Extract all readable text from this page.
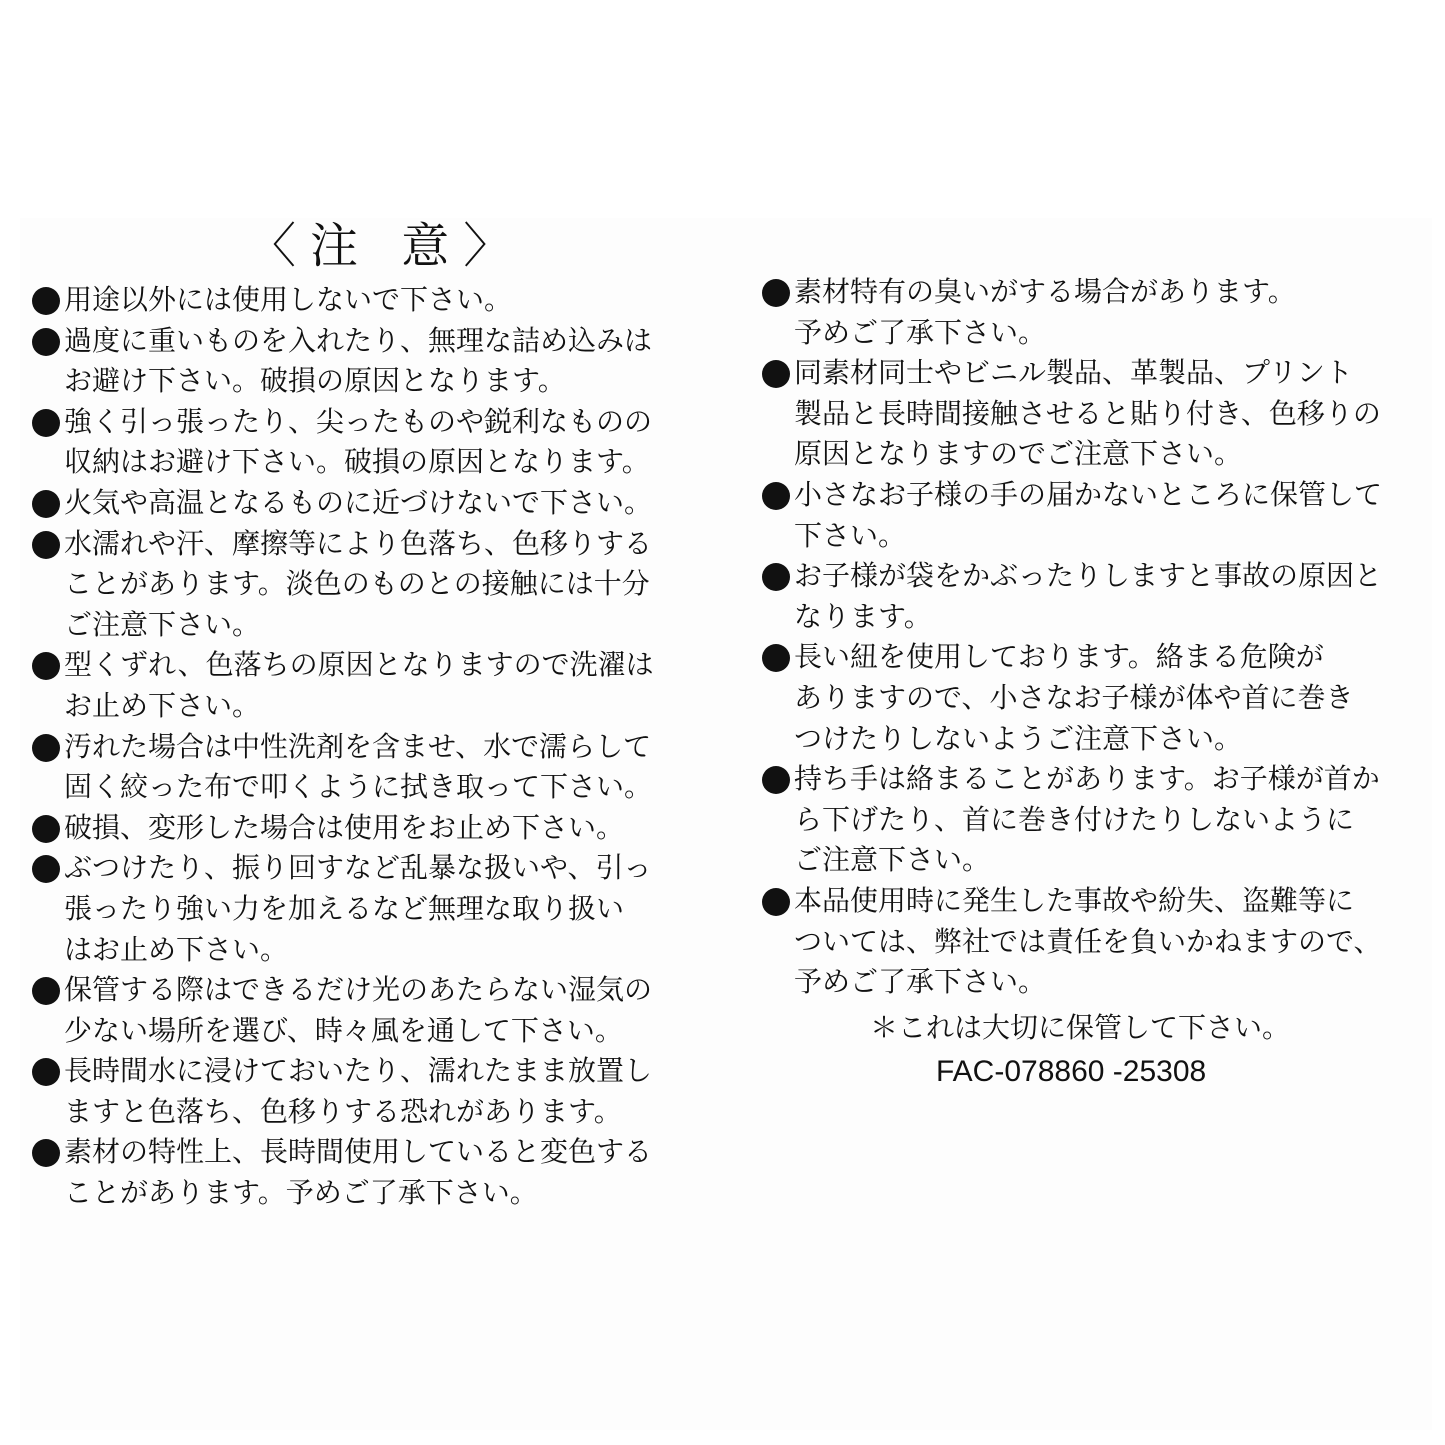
〈注 意〉
用途以外には使用しないで下さい。
過度に重いものを入れたり、無理な詰め込みは
お避け下さい。破損の原因となります。
強く引っ張ったり、尖ったものや鋭利なものの
収納はお避け下さい。破損の原因となります。
火気や高温となるものに近づけないで下さい。
水濡れや汗、摩擦等により色落ち、色移りする
ことがあります。淡色のものとの接触には十分
ご注意下さい。
型くずれ、色落ちの原因となりますので洗濯は
お止め下さい。
汚れた場合は中性洗剤を含ませ、水で濡らして
固く絞った布で叩くように拭き取って下さい。
破損、変形した場合は使用をお止め下さい。
ぶつけたり、振り回すなど乱暴な扱いや、引っ
張ったり強い力を加えるなど無理な取り扱い
はお止め下さい。
保管する際はできるだけ光のあたらない湿気の
少ない場所を選び、時々風を通して下さい。
長時間水に浸けておいたり、濡れたまま放置し
ますと色落ち、色移りする恐れがあります。
素材の特性上、長時間使用していると変色する
ことがあります。予めご了承下さい。
素材特有の臭いがする場合があります。
予めご了承下さい。
同素材同士やビニル製品、革製品、プリント
製品と長時間接触させると貼り付き、色移りの
原因となりますのでご注意下さい。
小さなお子様の手の届かないところに保管して
下さい。
お子様が袋をかぶったりしますと事故の原因と
なります。
長い紐を使用しております。絡まる危険が
ありますので、小さなお子様が体や首に巻き
つけたりしないようご注意下さい。
持ち手は絡まることがあります。お子様が首か
ら下げたり、首に巻き付けたりしないように
ご注意下さい。
本品使用時に発生した事故や紛失、盗難等に
ついては、弊社では責任を負いかねますので、
予めご了承下さい。
＊これは大切に保管して下さい。
FAC-078860 -25308
